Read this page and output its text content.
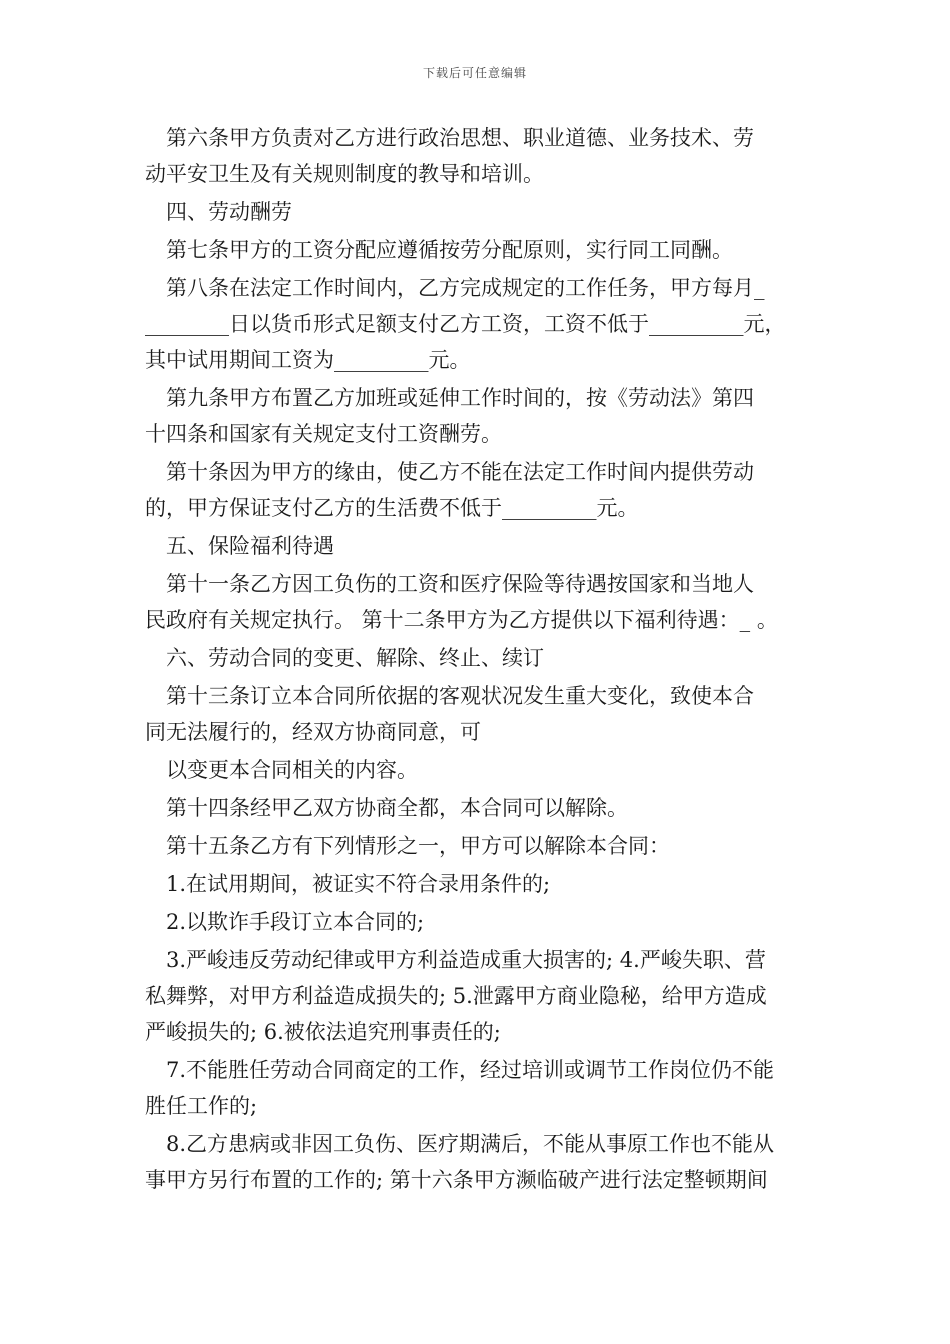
下载后可任意编辑
　第六条甲方负责对乙方进行政治思想、职业道德、业务技术、劳
动平安卫生及有关规则制度的教导和培训。
　四、劳动酬劳
　第七条甲方的工资分配应遵循按劳分配原则，实行同工同酬。
　第八条在法定工作时间内，乙方完成规定的工作任务，甲方每月_
________日以货币形式足额支付乙方工资，工资不低于_________元，
其中试用期间工资为_________元。
　第九条甲方布置乙方加班或延伸工作时间的，按《劳动法》第四
十四条和国家有关规定支付工资酬劳。
　第十条因为甲方的缘由，使乙方不能在法定工作时间内提供劳动
的，甲方保证支付乙方的生活费不低于_________元。
　五、保险福利待遇
　第十一条乙方因工负伤的工资和医疗保险等待遇按国家和当地人
民政府有关规定执行。 第十二条甲方为乙方提供以下福利待遇：_ 。
　六、劳动合同的变更、解除、终止、续订
　第十三条订立本合同所依据的客观状况发生重大变化，致使本合
同无法履行的，经双方协商同意，可
　以变更本合同相关的内容。
　第十四条经甲乙双方协商全都，本合同可以解除。
　第十五条乙方有下列情形之一，甲方可以解除本合同：
　1.在试用期间，被证实不符合录用条件的;
　2.以欺诈手段订立本合同的;
　3.严峻违反劳动纪律或甲方利益造成重大损害的; 4.严峻失职、营
私舞弊，对甲方利益造成损失的; 5.泄露甲方商业隐秘，给甲方造成
严峻损失的; 6.被依法追究刑事责任的;
　7.不能胜任劳动合同商定的工作，经过培训或调节工作岗位仍不能
胜任工作的;
　8.乙方患病或非因工负伤、医疗期满后，不能从事原工作也不能从
事甲方另行布置的工作的; 第十六条甲方濒临破产进行法定整顿期间
